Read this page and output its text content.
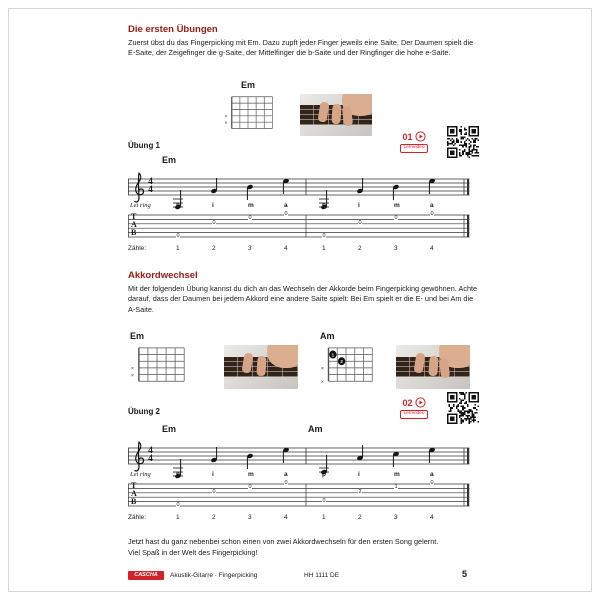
Die ersten Übungen
Zuerst übst du das Fingerpicking mit Em. Dazu zupft jeder Finger jeweils eine Saite. Der Daumen spielt die E-Saite, der Zeigefinger die g-Saite, der Mittelfinger die b-Saite und der Ringfinger die hohe e-Saite.
Em
×
×
Übung 1
01
Lernvideo
4
4
Let ring
T
A
B
Zähle:
Em
p	i	m	a	p	i	m	a
1	2	3	4	1	2	3	4
0
0
0
0
0
0
0
0
Akkordwechsel
Mit der folgenden Übung kannst du dich an das Wechseln der Akkorde beim Fingerpicking gewöhnen. Achte darauf, dass der Daumen bei jedem Akkord eine andere Saite spielt: Bei Em spielt er die E- und bei Am die A-Saite.
Em
×
×
Am
×
×
1
2
Übung 2
02
Lernvideo
4
4
Let ring
T
A
B
Zähle:
Em	Am
p	i	m	a	p	i	m	a
1	2	3	4	1	2	3	4
0
0
0
0
0
2
1
0
Jetzt hast du ganz nebenbei schon einen von zwei Akkordwechseln für den ersten Song gelernt.
Viel Spaß in der Welt des Fingerpicking!
CASCHA	Akustik-Gitarre · Fingerpicking	HH 1111 DE	5
